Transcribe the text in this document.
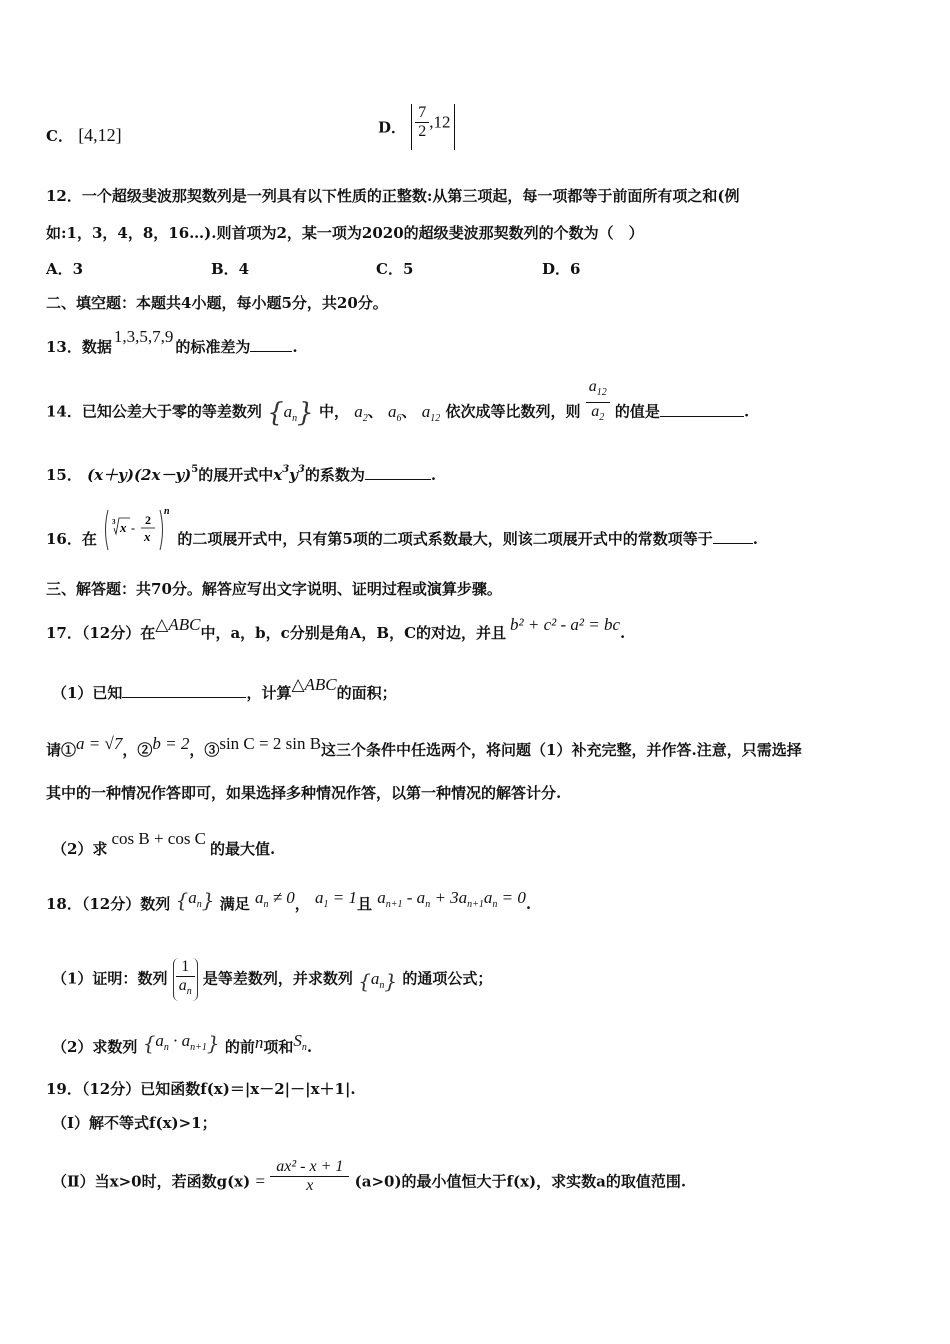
C． [4,12]	D． $\frac{7}{2} ,12$
12．一个超级斐波那契数列是一列具有以下性质的正整数:从第三项起，每一项都等于前面所有项之和(例
如:1，3，4，8，16…).则首项为2，某一项为2020的超级斐波那契数列的个数为（　）
A．3	B．4	C．5	D．6
二、填空题：本题共4小题，每小题5分，共20分。
13．数据1,3,5,7,9的标准差为	.
14．已知公差大于零的等差数列 $\{a_n\}$ 中， $a_2$、 $a_6$、 $a_{12}$ 依次成等比数列，则 $\frac{a_{12}}{a_2}$ 的值是	.
15． $(x+y)(2x-y)^5$的展开式中$x^3y^3$的系数为	.
16．在
3 x -
2
x
n
的二项展开式中，只有第5项的二项式系数最大，则该二项展开式中的常数项等于	.
三、解答题：共70分。解答应写出文字说明、证明过程或演算步骤。
17．（12分）在△ABC中，a，b，c分别是角A，B，C的对边，并且 b² + c² - a² = bc.
（1）已知	，计算△ABC的面积；
请①a = √7，②b = 2，③sin C = 2 sin B这三个条件中任选两个，将问题（1）补充完整，并作答.注意，只需选择
其中的一种情况作答即可，如果选择多种情况作答，以第一种情况的解答计分.
（2）求cos B + cos C的最大值.
18．（12分）数列 $\{a_n\}$ 满足 $a_n \ne 0$， $a_1 = 1$且 $a_{n+1} - a_n + 3a_{n+1}a_n = 0$.
（1）证明：数列 $\frac{1}{a_n}$ 是等差数列，并求数列 $\{a_n\}$ 的通项公式；
（2）求数列 $\{a_n \cdot a_{n+1}\}$ 的前n项和$S_n$.
19．（12分）已知函数f(x)＝|x－2|－|x＋1|.
（Ⅰ）解不等式f(x)>1；
（Ⅱ）当x>0时，若函数$g(x) = \frac{\text{ax² - x + 1}}{x} (a>0)$的最小值恒大于f(x)，求实数a的取值范围.
